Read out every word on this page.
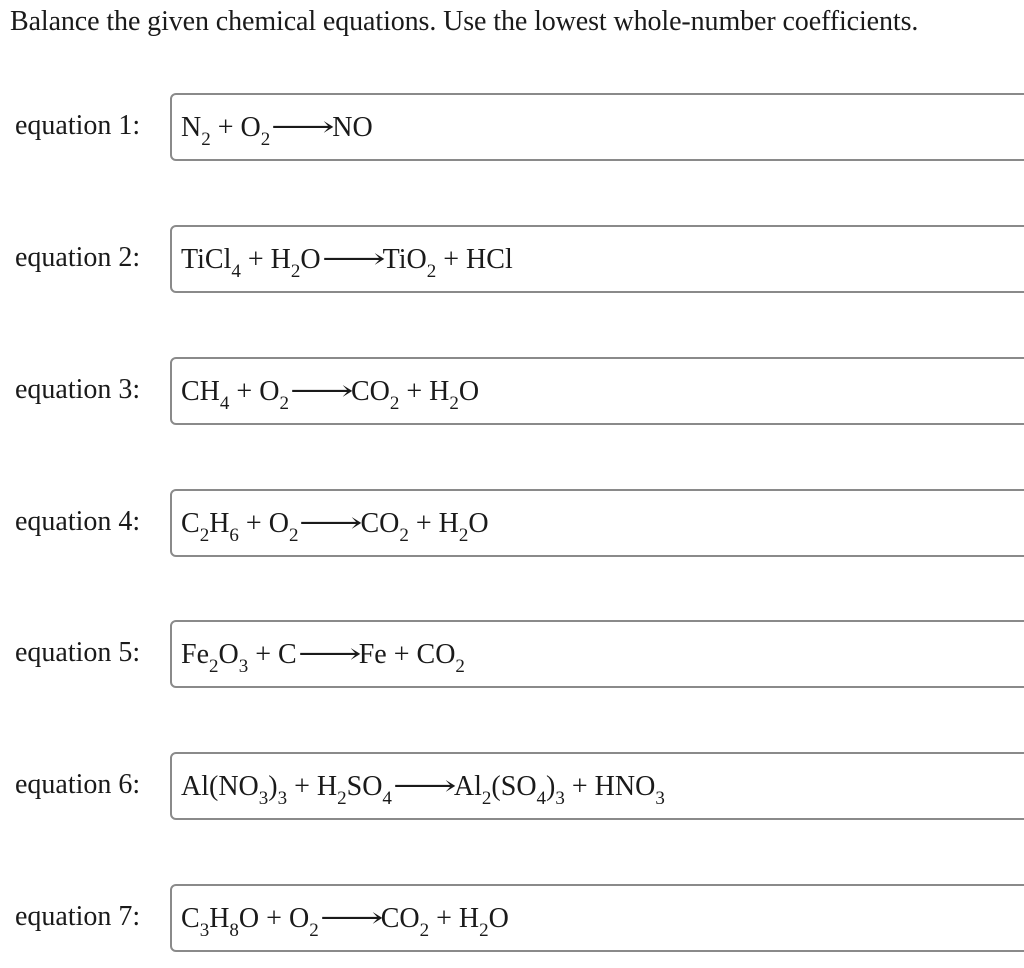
Balance the given chemical equations. Use the lowest whole-number coefficients.
equation 1: $N_2$ + $O_2⟶NO$
equation 2: TiCl$_4$ + $H_2O⟶TiO_2$ + HCl
equation 3: $CH_4$ + $O_2⟶CO_2 + H_2O$
equation 4: $C_2H_6$ + $O_2⟶CO_2 + H_2O$
equation 5: $Fe_2O_3$ + C⟶Fe + $CO_2$
equation 6: $Al(NO_3)_3$ + $H_2SO_4⟶Al_2(SO_4)_3 + HNO_3$
equation 7: $C_3H_8O$ + $O_2⟶CO_2 + H_2O$
